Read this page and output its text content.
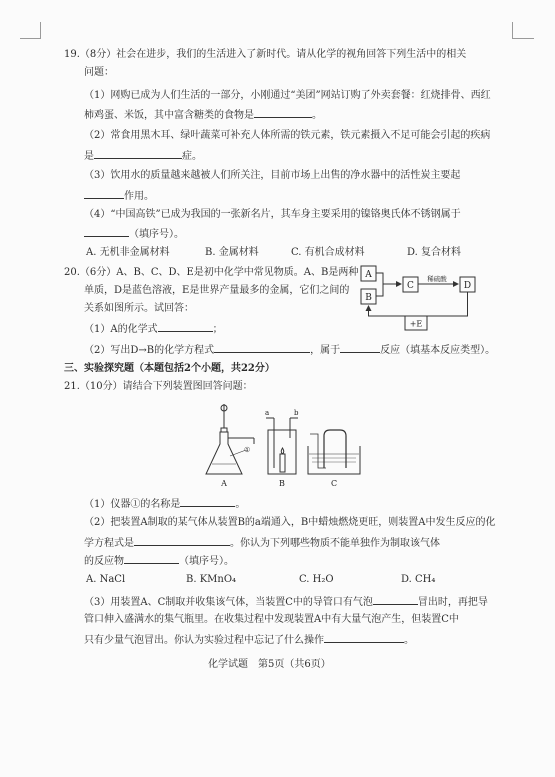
19.（8分）社会在进步，我们的生活进入了新时代。请从化学的视角回答下列生活中的相关
问题：
（1）网购已成为人们生活的一部分，小刚通过“美团”网站订购了外卖套餐：红烧排骨、西红
柿鸡蛋、米饭，其中富含糖类的食物是	。
（2）常食用黑木耳、绿叶蔬菜可补充人体所需的铁元素，铁元素摄入不足可能会引起的疾病
是	症。
（3）饮用水的质量越来越被人们所关注，目前市场上出售的净水器中的活性炭主要起
作用。
（4）“中国高铁”已成为我国的一张新名片，其车身主要采用的镍铬奥氏体不锈钢属于
（填序号）。
A. 无机非金属材料	B. 金属材料	C. 有机合成材料	D. 复合材料
20.（6分）A、B、C、D、E是初中化学中常见物质。A、B是两种
单质，D是蓝色溶液，E是世界产量最多的金属，它们之间的
关系如图所示。试回答：
（1）A的化学式	；
（2）写出D→B的化学方程式	，属于	反应（填基本反应类型）。
A
B
C
稀硫酸
D
+E
三、实验探究题（本题包括2个小题，共22分）
21.（10分）请结合下列装置图回答问题：
①
A
a	b
B	C
（1）仪器①的名称是	。
（2）把装置A制取的某气体从装置B的a端通入，B中蜡烛燃烧更旺，则装置A中发生反应的化
学方程式是	。你认为下列哪些物质不能单独作为制取该气体
的反应物	（填序号）。
A. NaCl	B. KMnO₄	C. H₂O	D. CH₄
（3）用装置A、C制取并收集该气体，当装置C中的导管口有气泡	冒出时，再把导
管口伸入盛满水的集气瓶里。在收集过程中发现装置A中有大量气泡产生，但装置C中
只有少量气泡冒出。你认为实验过程中忘记了什么操作	。
化学试题　第5页（共6页）
